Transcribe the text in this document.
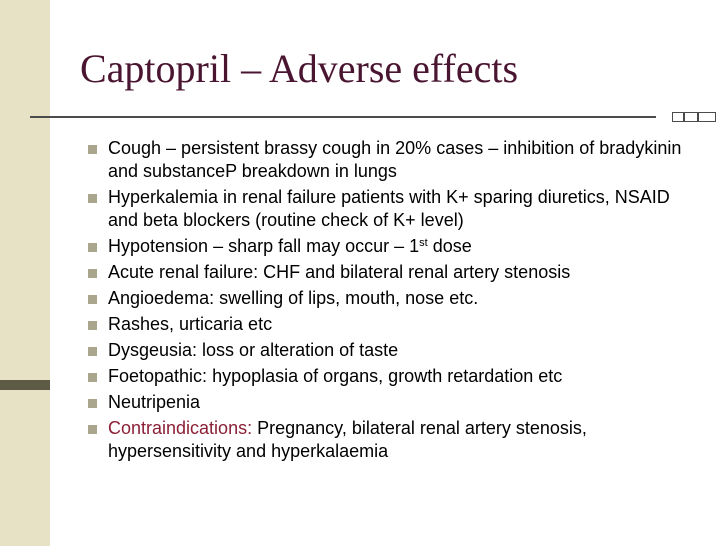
Captopril – Adverse effects
Cough – persistent brassy cough in 20% cases – inhibition of bradykinin and substanceP breakdown in lungs
Hyperkalemia in renal failure patients with K+ sparing diuretics, NSAID and beta blockers (routine check of K+ level)
Hypotension – sharp fall may occur – 1st dose
Acute renal failure: CHF and bilateral renal artery stenosis
Angioedema: swelling of lips, mouth, nose etc.
Rashes, urticaria etc
Dysgeusia: loss or alteration of taste
Foetopathic: hypoplasia of organs, growth retardation etc
Neutripenia
Contraindications: Pregnancy, bilateral renal artery stenosis, hypersensitivity and hyperkalaemia
